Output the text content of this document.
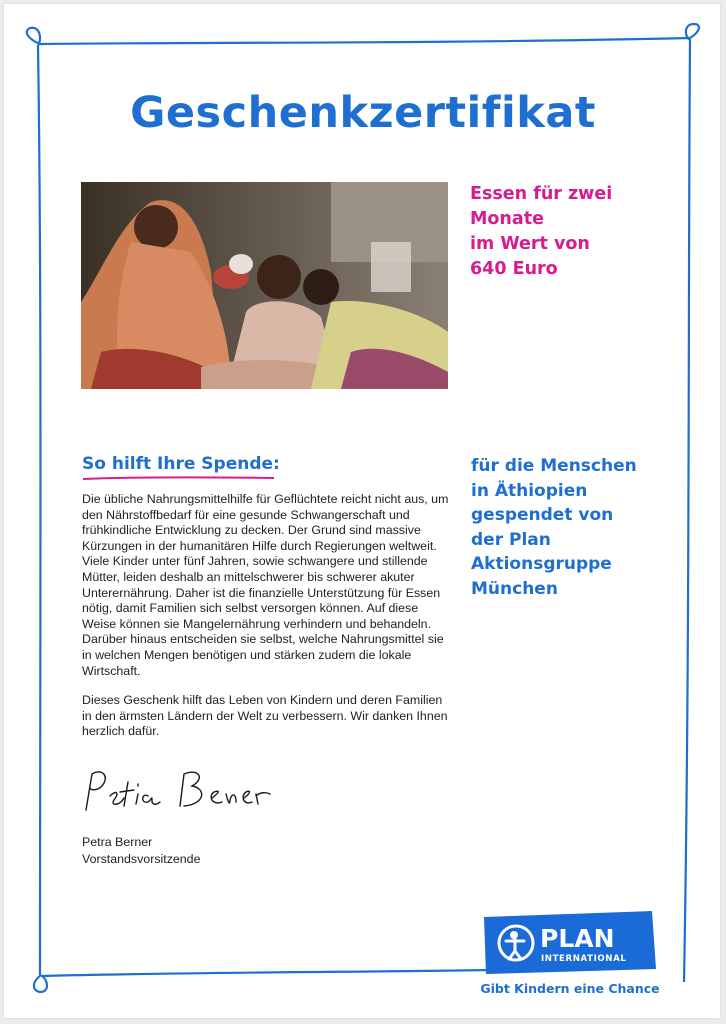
Geschenkzertifikat
Essen für zwei
Monate
im Wert von
640 Euro
So hilft Ihre Spende:

Die übliche Nahrungsmittelhilfe für Geflüchtete reicht nicht aus, um den Nährstoffbedarf für eine gesunde Schwangerschaft und frühkindliche Entwicklung zu decken. Der Grund sind massive Kürzungen in der humanitären Hilfe durch Regierungen weltweit. Viele Kinder unter fünf Jahren, sowie schwangere und stillende Mütter, leiden deshalb an mittelschwerer bis schwerer akuter Unterernährung. Daher ist die finanzielle Unterstützung für Essen nötig, damit Familien sich selbst versorgen können. Auf diese Weise können sie Mangelernährung verhindern und behandeln. Darüber hinaus entscheiden sie selbst, welche Nahrungsmittel sie in welchen Mengen benötigen und stärken zudem die lokale Wirtschaft.

Dieses Geschenk hilft das Leben von Kindern und deren Familien in den ärmsten Ländern der Welt zu verbessern. Wir danken Ihnen herzlich dafür.

für die Menschen
in Äthiopien
gespendet von
der Plan
Aktionsgruppe
München
Petra Berner
Vorstandsvorsitzende
PLAN
INTERNATIONAL
Gibt Kindern eine Chance
